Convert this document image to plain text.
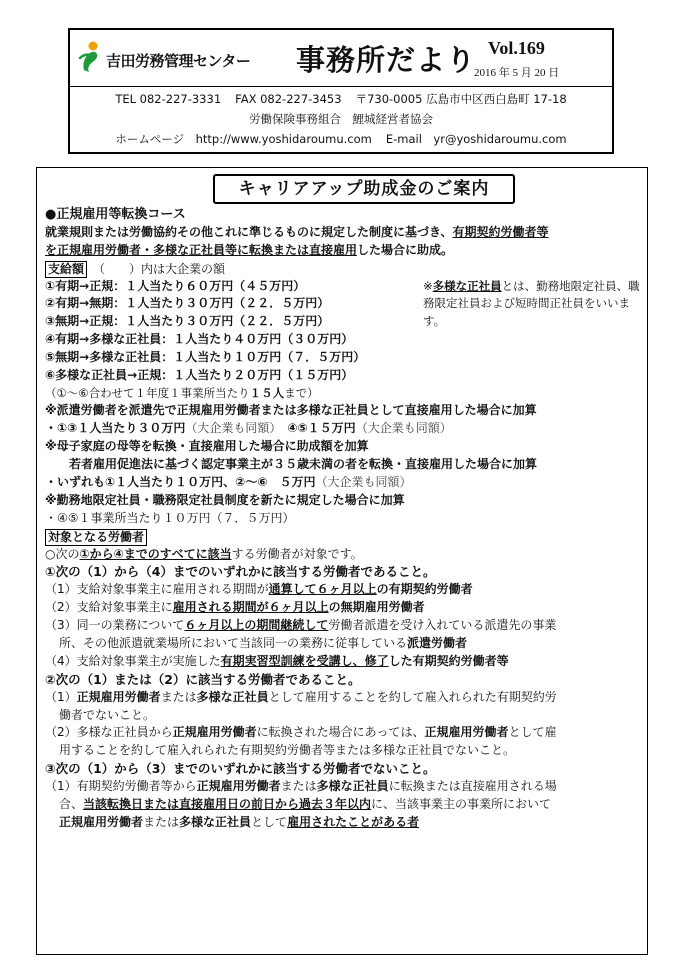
吉田労務管理センター 事務所だより Vol.169
2016 年 5 月 20 日
TEL 082-227-3331 FAX 082-227-3453 〒730-0005 広島市中区西白島町 17-18
労働保険事務組合　鯉城経営者協会
ホームページ　http://www.yoshidaroumu.com E-mail　yr@yoshidaroumu.com
キャリアアップ助成金のご案内
●正規雇用等転換コース
就業規則または労働協約その他これに準じるものに規定した制度に基づき、有期契約労働者等
を正規雇用労働者・多様な正社員等に転換または直接雇用した場合に助成。
支給額　 （　　）内は大企業の額
①有期→正規：１人当たり６０万円（４５万円）
②有期→無期：１人当たり３０万円（２２．５万円）
③無期→正規：１人当たり３０万円（２２．５万円）
④有期→多様な正社員：１人当たり４０万円（３０万円）
⑤無期→多様な正社員：１人当たり１０万円（７．５万円）
⑥多様な正社員→正規：１人当たり２０万円（１５万円）
※多様な正社員とは、勤務地限定社員、職務限定社員および短時間正社員をいいます。
（①～⑥合わせて１年度１事業所当たり１５人まで）
※派遣労働者を派遣先で正規雇用労働者または多様な正社員として直接雇用した場合に加算
・①③１人当たり３０万円（大企業も同額）　 ④⑤１５万円（大企業も同額）
※母子家庭の母等を転換・直接雇用した場合に助成額を加算
若者雇用促進法に基づく認定事業主が３５歳未満の者を転換・直接雇用した場合に加算
・いずれも①１人当たり１０万円、②～⑥　５万円（大企業も同額）
※勤務地限定社員・職務限定社員制度を新たに規定した場合に加算
・④⑤１事業所当たり１０万円（７．５万円）
対象となる労働者
○次の①から④までのすべてに該当する労働者が対象です。
①次の（1）から（4）までのいずれかに該当する労働者であること。
（1）支給対象事業主に雇用される期間が通算して６ヶ月以上の有期契約労働者
（2）支給対象事業主に雇用される期間が６ヶ月以上の無期雇用労働者
（3）同一の業務について６ヶ月以上の期間継続して労働者派遣を受け入れている派遣先の事業
所、その他派遣就業場所において当該同一の業務に従事している派遣労働者
（4）支給対象事業主が実施した有期実習型訓練を受講し、修了した有期契約労働者等
②次の（1）または（2）に該当する労働者であること。
（1）正規雇用労働者または多様な正社員として雇用することを約して雇入れられた有期契約労
働者でないこと。
（2）多様な正社員から正規雇用労働者に転換された場合にあっては、正規雇用労働者として雇
用することを約して雇入れられた有期契約労働者等または多様な正社員でないこと。
③次の（1）から（3）までのいずれかに該当する労働者でないこと。
（1）有期契約労働者等から正規雇用労働者または多様な正社員に転換または直接雇用される場
合、当該転換日または直接雇用日の前日から過去３年以内に、当該事業主の事業所において
正規雇用労働者または多様な正社員として雇用されたことがある者
